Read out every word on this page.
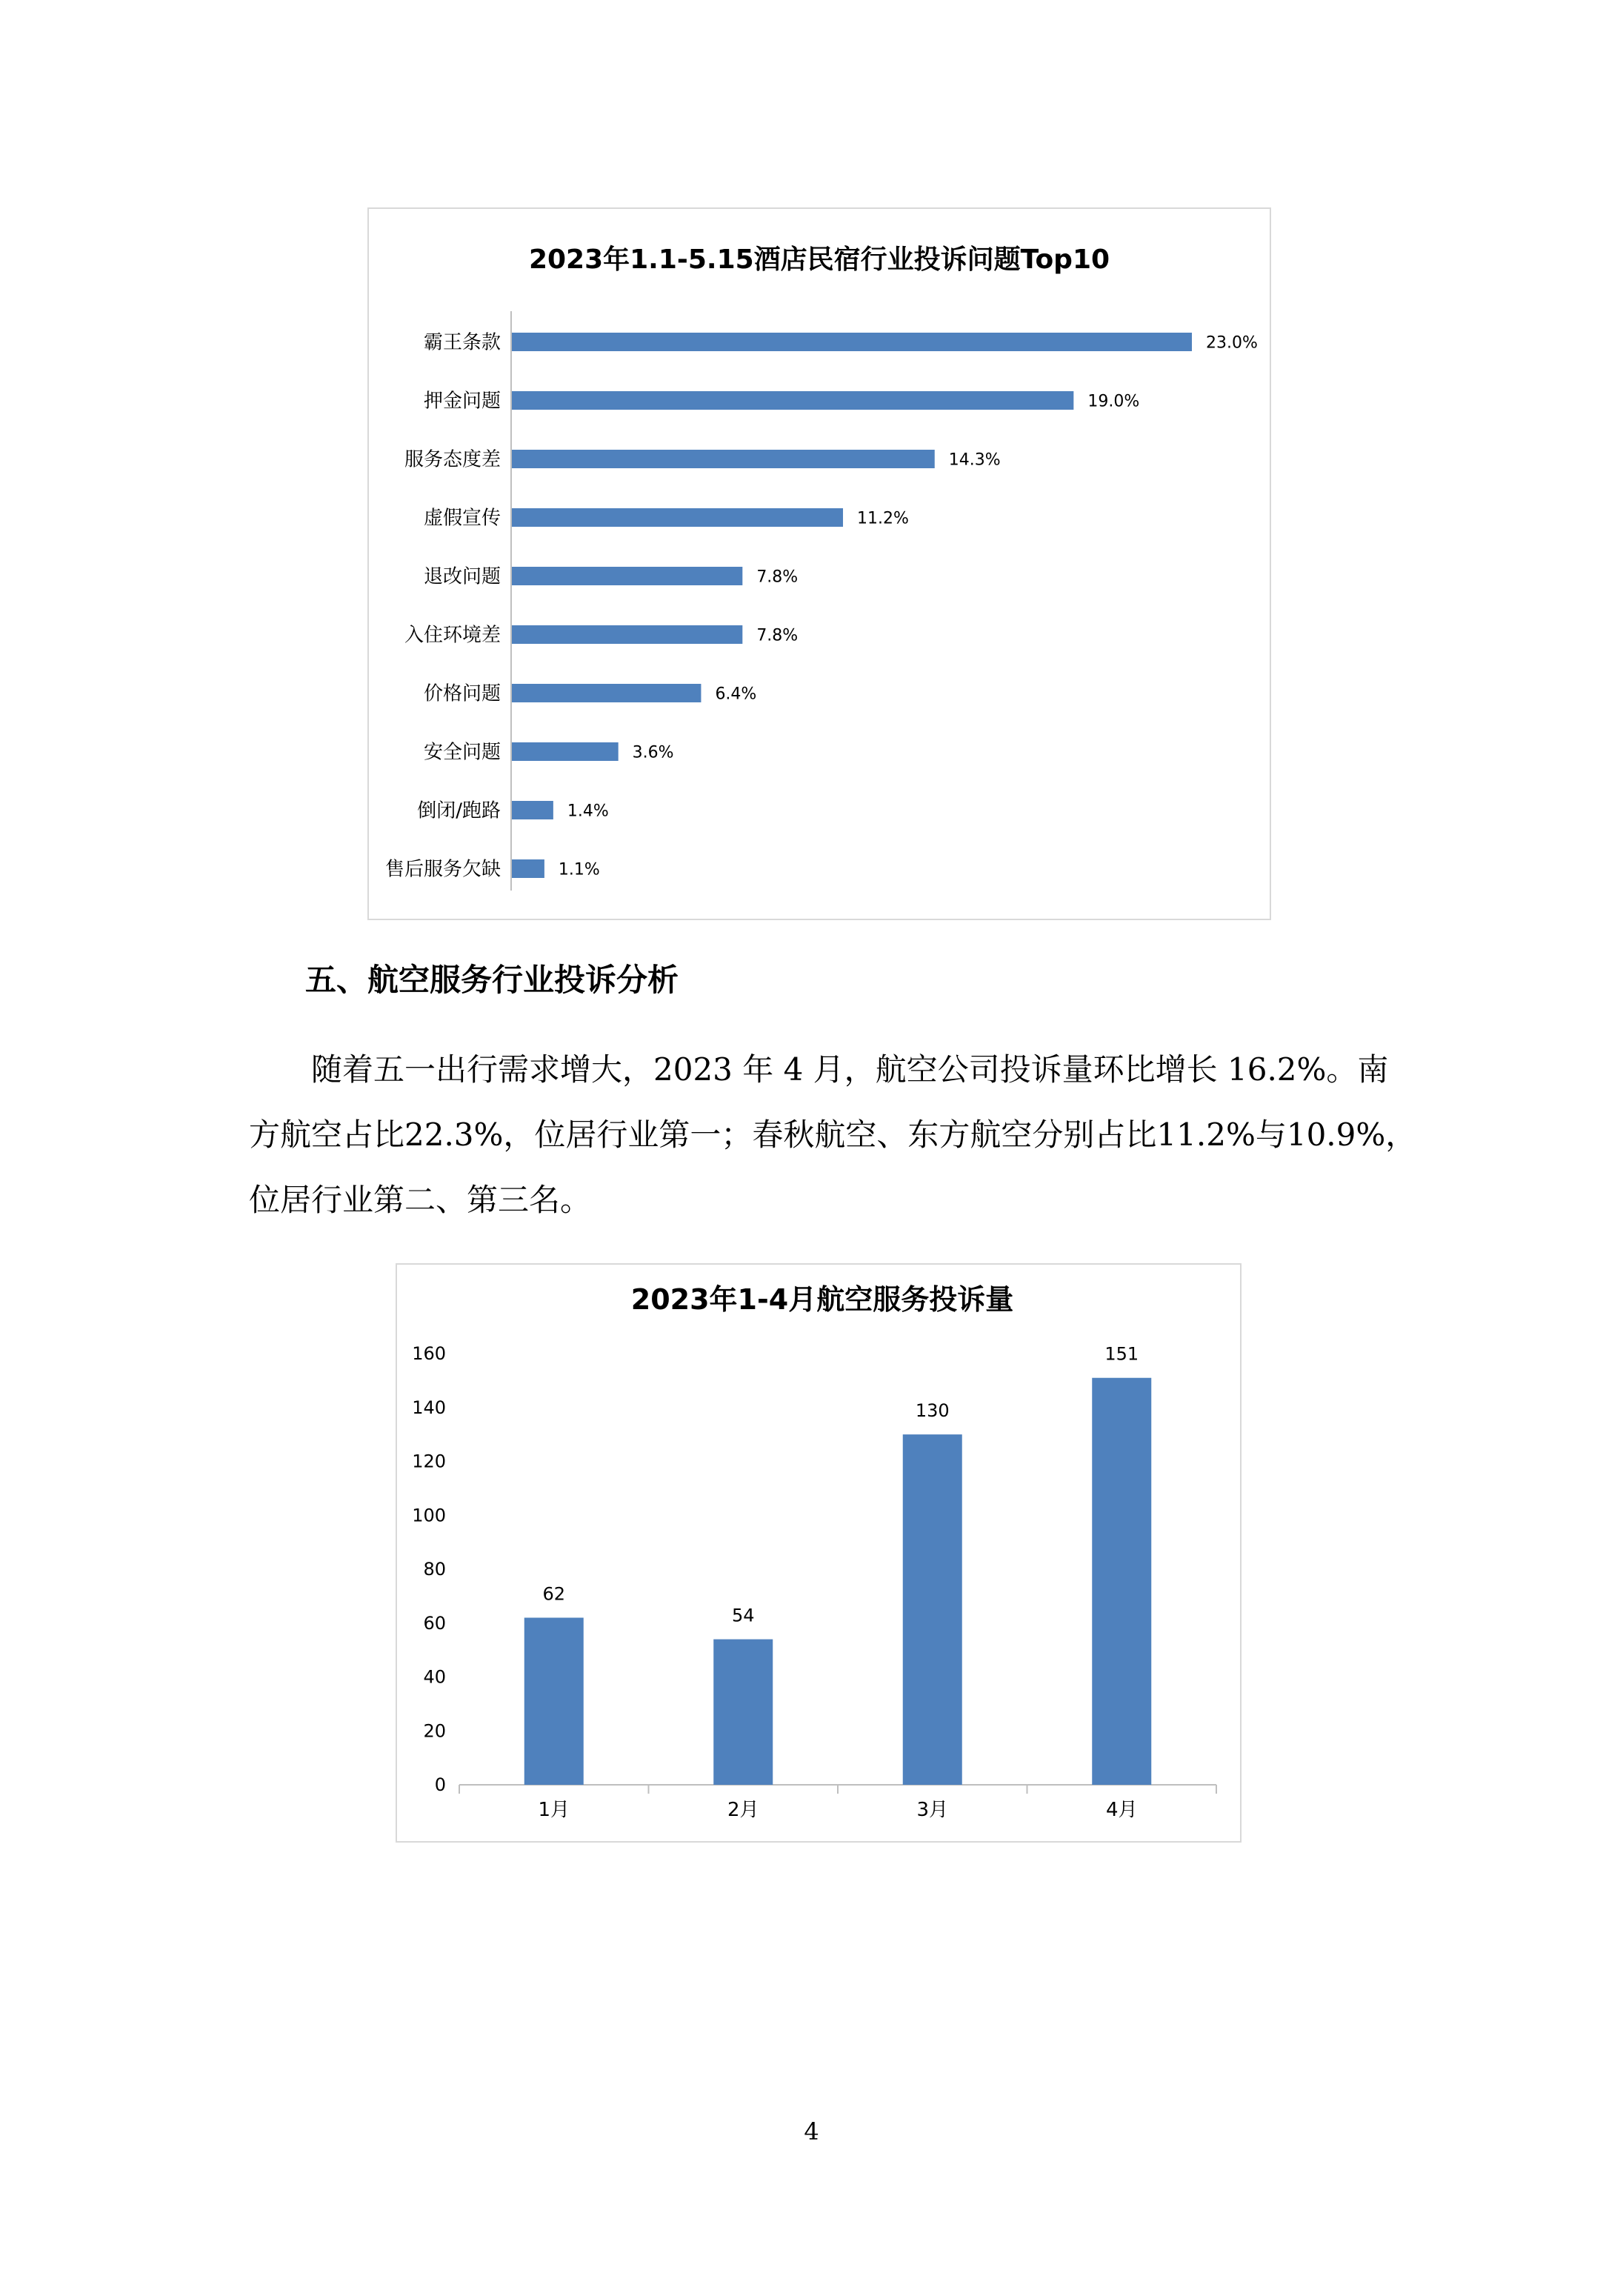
2023年1.1-5.15酒店民宿行业投诉问题Top10
霸王条款	23.0%
押金问题	19.0%
服务态度差	14.3%
虚假宣传	11.2%
退改问题	7.8%
入住环境差	7.8%
价格问题	6.4%
安全问题	3.6%
倒闭/跑路	1.4%
售后服务欠缺	1.1%
五、航空服务行业投诉分析
随着五一出行需求增大，2023 年 4 月，航空公司投诉量环比增长 16.2%。南
方航空占比22.3%，位居行业第一；春秋航空、东方航空分别占比11.2%与10.9%，
位居行业第二、第三名。
2023年1-4月航空服务投诉量
0
20
40
60
80
100
120
140
160
62
1月
54
2月
130
3月
151
4月
4
